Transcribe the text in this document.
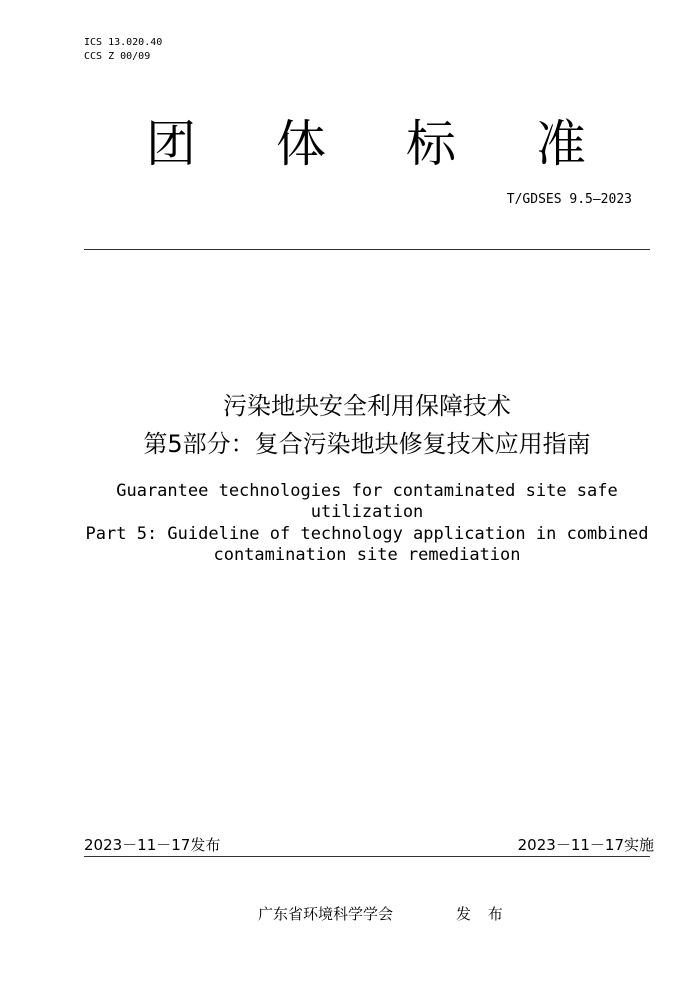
ICS 13.020.40
CCS Z 00/09
团 体 标 准
T/GDSES 9.5—2023
污染地块安全利用保障技术
第5部分：复合污染地块修复技术应用指南
Guarantee technologies for contaminated site safe
utilization
Part 5: Guideline of technology application in combined
contamination site remediation
2023－11－17发布	2023－11－17实施
广东省环境科学学会	发 布
